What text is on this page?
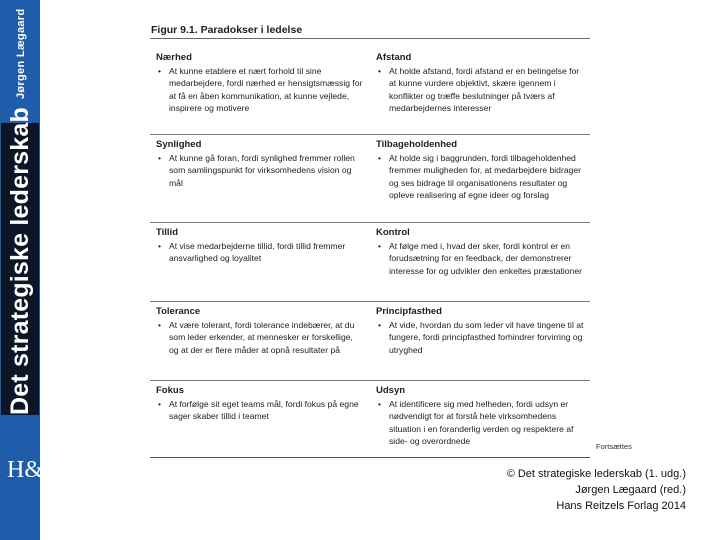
Jørgen Lægaard
Det strategiske lederskab
H&R
Figur 9.1. Paradokser i ledelse
Nærhed
• At kunne etablere et nært forhold til sine medarbejdere, fordi nærhed er hensigtsmæssig for at få en åben kommunikation, at kunne vejlede, inspirere og motivere
Afstand
• At holde afstand, fordi afstand er en betingelse for at kunne vurdere objektivt, skære igennem i konflikter og træffe beslutninger på tværs af medarbejdernes interesser
Synlighed
• At kunne gå foran, fordi synlighed fremmer rollen som samlingspunkt for virksomhedens vision og mål
Tilbageholdenhed
• At holde sig i baggrunden, fordi tilbageholdenhed fremmer muligheden for, at medarbejdere bidrager og ses bidrage til organisationens resultater og opleve realisering af egne ideer og forslag
Tillid
• At vise medarbejderne tillid, fordi tillid fremmer ansvarlighed og loyalitet
Kontrol
• At følge med i, hvad der sker, fordi kontrol er en forudsætning for en feedback, der demonstrerer interesse for og udvikler den enkeltes præstationer
Tolerance
• At være tolerant, fordi tolerance indebærer, at du som leder erkender, at mennesker er forskellige, og at der er flere måder at opnå resultater på
Principfasthed
• At vide, hvordan du som leder vil have tingene til at fungere, fordi principfasthed forhindrer forvirring og utryghed
Fokus
• At forfølge sit eget teams mål, fordi fokus på egne sager skaber tillid i teamet
Udsyn
• At identificere sig med helheden, fordi udsyn er nødvendigt for at forstå hele virksomhedens situation i en foranderlig verden og respektere af side- og overordnede
Fortsættes
© Det strategiske lederskab (1. udg.)
Jørgen Lægaard (red.)
Hans Reitzels Forlag 2014
